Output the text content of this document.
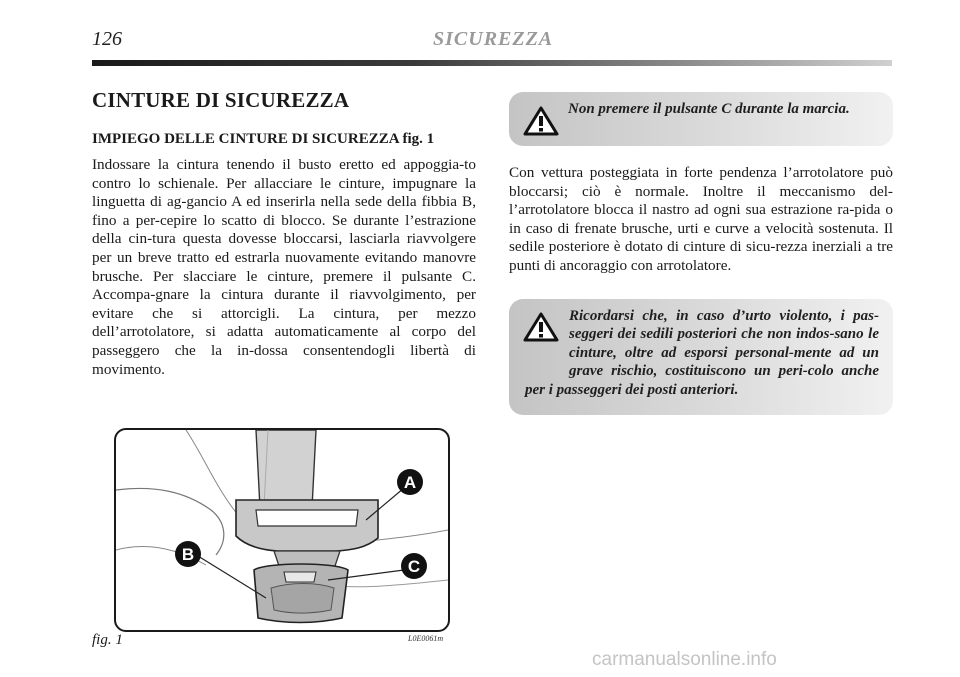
126	SICUREZZA
CINTURE DI SICUREZZA
IMPIEGO DELLE CINTURE DI SICUREZZA fig. 1

Indossare la cintura tenendo il busto eretto ed appoggia-to contro lo schienale. Per allacciare le cinture, impugnare la linguetta di ag-gancio A ed inserirla nella sede della fibbia B, fino a per-cepire lo scatto di blocco. Se durante l’estrazione della cin-tura questa dovesse bloccarsi, lasciarla riavvolgere per un breve tratto ed estrarla nuovamente evitando manovre brusche. Per slacciare le cinture, premere il pulsante C. Accompa-gnare la cintura durante il riavvolgimento, per evitare che si attorcigli. La cintura, per mezzo dell’arrotolatore, si adatta automaticamente al corpo del passeggero che la in-dossa consentendogli libertà di movimento.

Non premere il pulsante C durante la marcia.

Con vettura posteggiata in forte pendenza l’arrotolatore può bloccarsi; ciò è normale. Inoltre il meccanismo del-l’arrotolatore blocca il nastro ad ogni sua estrazione ra-pida o in caso di frenate brusche, urti e curve a velocità sostenuta. Il sedile posteriore è dotato di cinture di sicu-rezza inerziali a tre punti di ancoraggio con arrotolatore.

Ricordarsi che, in caso d’urto violento, i pas-seggeri dei sedili posteriori che non indos-sano le cinture, oltre ad esporsi personal-mente ad un grave rischio, costituiscono un peri-colo anche per i passeggeri dei posti anteriori.
A
B
C
fig. 1	L0E0061m
carmanualsonline.info
